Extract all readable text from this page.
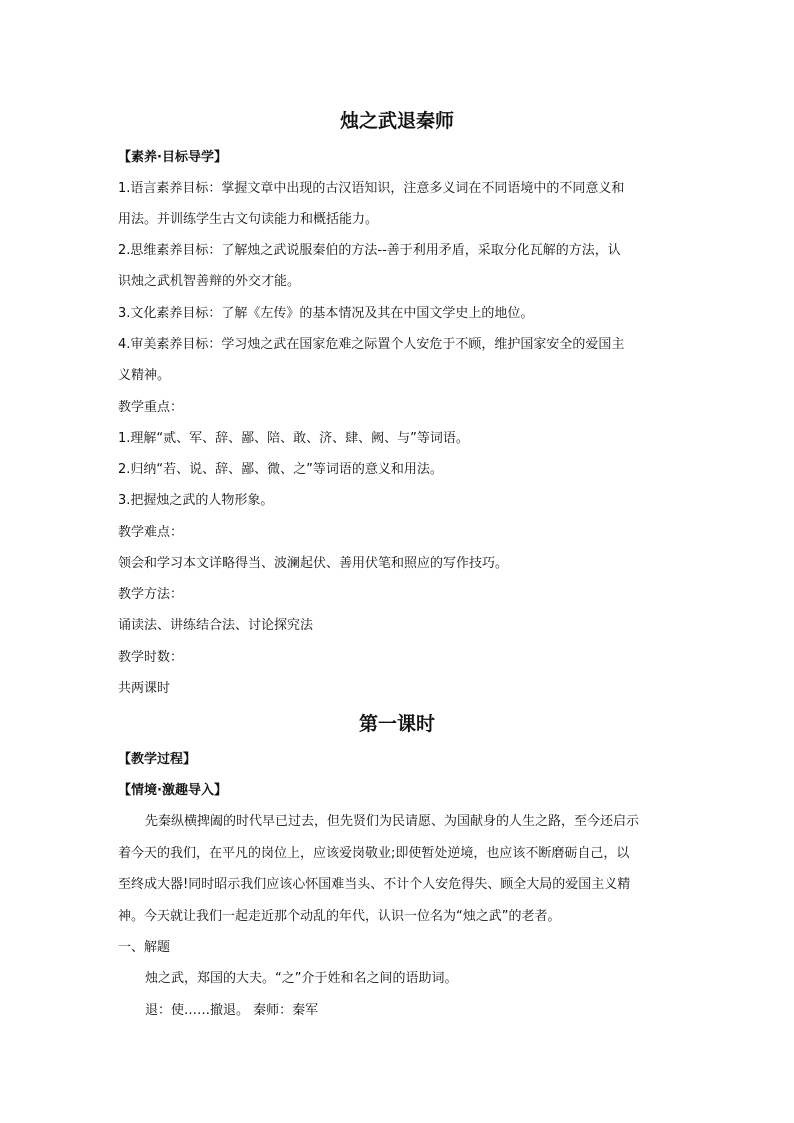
烛之武退秦师
【素养·目标导学】
1.语言素养目标：掌握文章中出现的古汉语知识，注意多义词在不同语境中的不同意义和
用法。并训练学生古文句读能力和概括能力。
2.思维素养目标：了解烛之武说服秦伯的方法--善于利用矛盾，采取分化瓦解的方法，认
识烛之武机智善辩的外交才能。
3.文化素养目标：了解《左传》的基本情况及其在中国文学史上的地位。
4.审美素养目标：学习烛之武在国家危难之际置个人安危于不顾，维护国家安全的爱国主
义精神。
教学重点：
1.理解“贰、军、辞、鄙、陪、敢、济、肆、阙、与”等词语。
2.归纳“若、说、辞、鄙、微、之”等词语的意义和用法。
3.把握烛之武的人物形象。
教学难点：
领会和学习本文详略得当、波澜起伏、善用伏笔和照应的写作技巧。
教学方法：
诵读法、讲练结合法、讨论探究法
教学时数：
共两课时
第一课时
【教学过程】
【情境·激趣导入】
先秦纵横捭阖的时代早已过去，但先贤们为民请愿、为国献身的人生之路，至今还启示
着今天的我们，在平凡的岗位上，应该爱岗敬业;即使暂处逆境，也应该不断磨砺自己，以
至终成大器!同时昭示我们应该心怀国难当头、不计个人安危得失、顾全大局的爱国主义精
神。今天就让我们一起走近那个动乱的年代，认识一位名为“烛之武”的老者。
一、解题
烛之武，郑国的大夫。“之”介于姓和名之间的语助词。
退：使……撤退。 秦师：秦军
